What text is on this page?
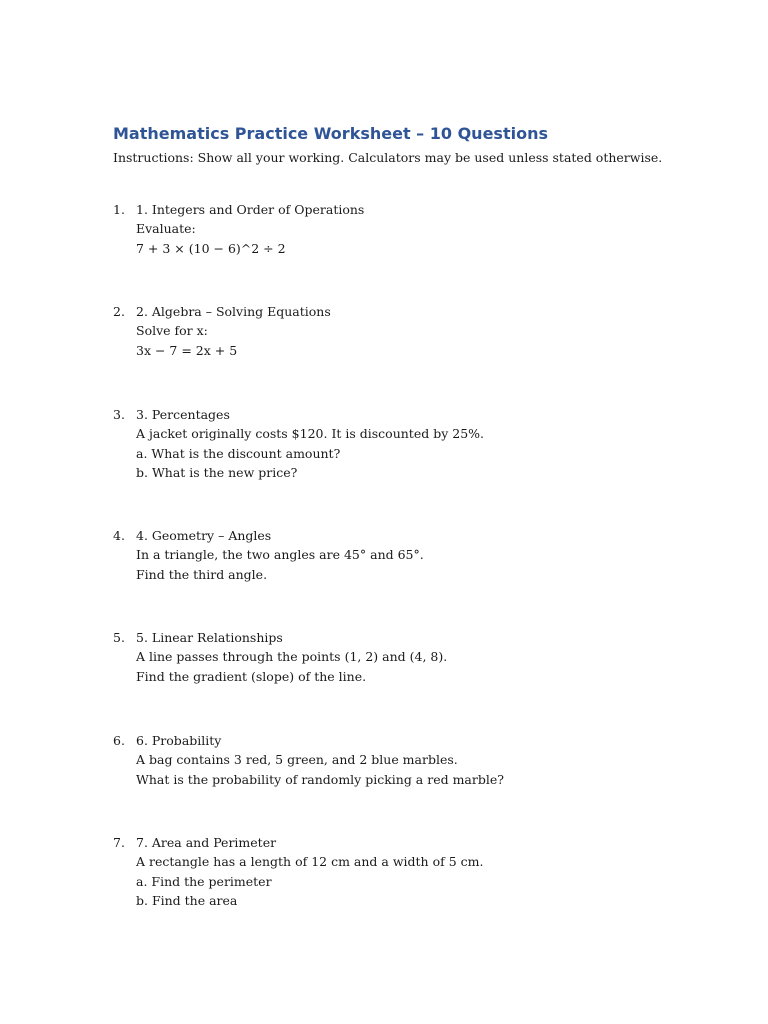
Mathematics Practice Worksheet – 10 Questions
Instructions: Show all your working. Calculators may be used unless stated otherwise.
1. 1. Integers and Order of Operations
Evaluate:
7 + 3 × (10 − 6)^2 ÷ 2
2. 2. Algebra – Solving Equations
Solve for x:
3x − 7 = 2x + 5
3. 3. Percentages
A jacket originally costs $120. It is discounted by 25%.
a. What is the discount amount?
b. What is the new price?
4. 4. Geometry – Angles
In a triangle, the two angles are 45° and 65°.
Find the third angle.
5. 5. Linear Relationships
A line passes through the points (1, 2) and (4, 8).
Find the gradient (slope) of the line.
6. 6. Probability
A bag contains 3 red, 5 green, and 2 blue marbles.
What is the probability of randomly picking a red marble?
7. 7. Area and Perimeter
A rectangle has a length of 12 cm and a width of 5 cm.
a. Find the perimeter
b. Find the area
